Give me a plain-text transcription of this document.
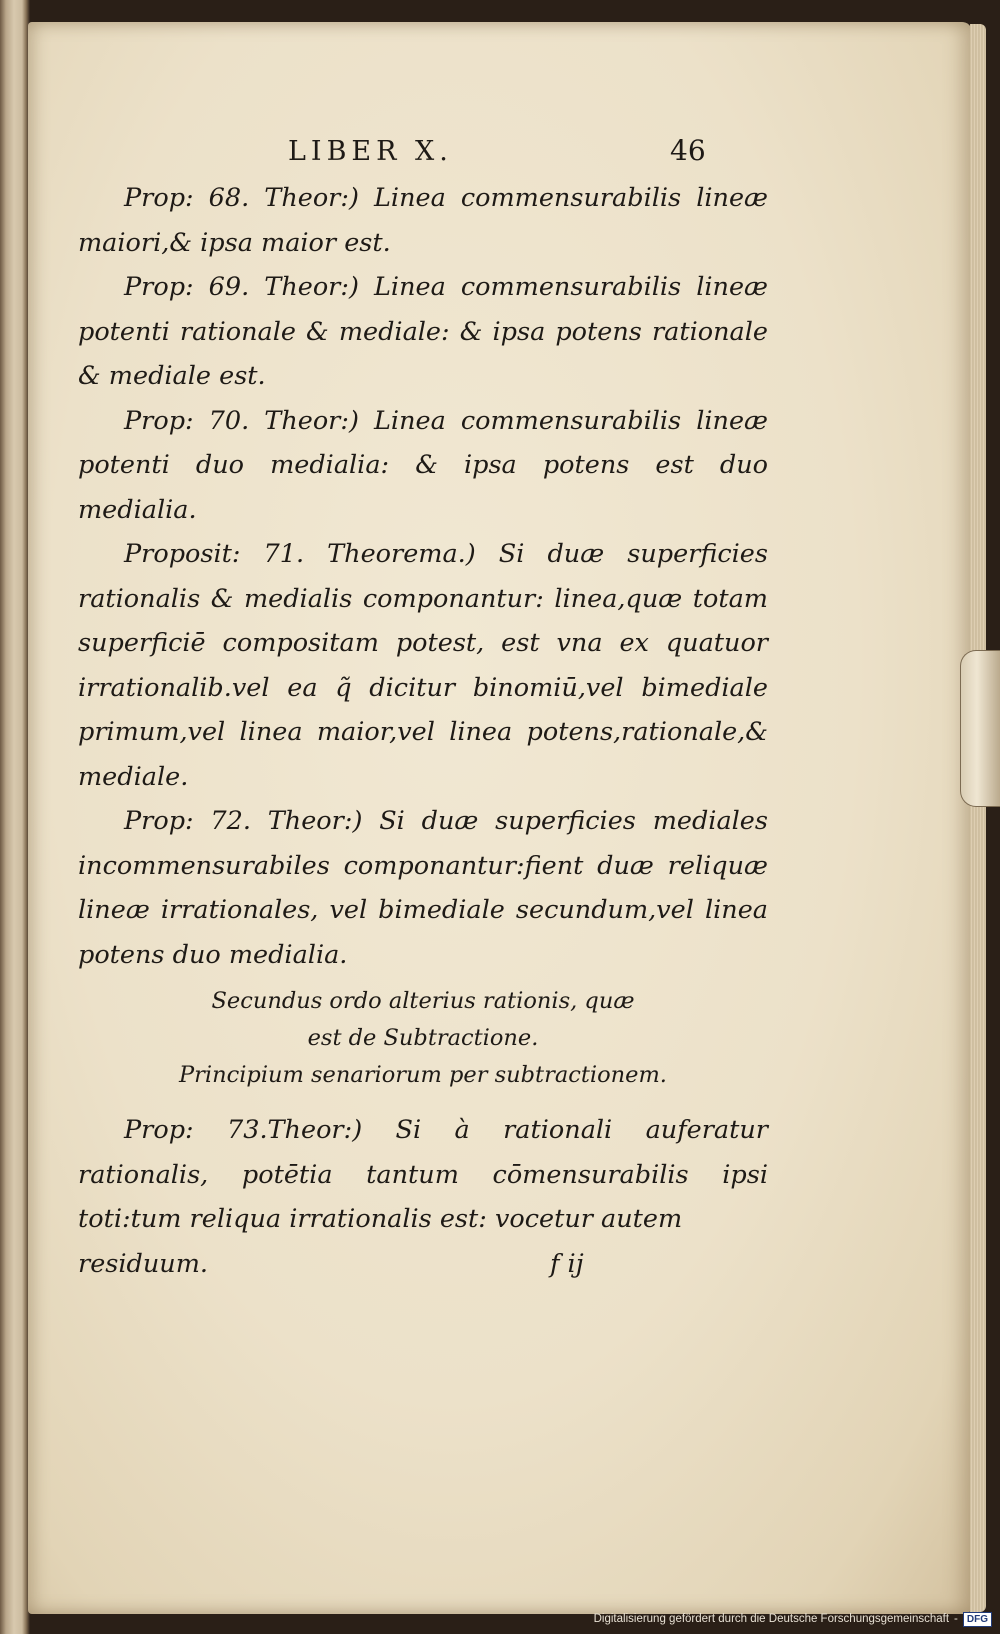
LIBER X.	46

Prop: 68. Theor:) Linea commensurabilis lineæ maiori,& ipsa maior est.

Prop: 69. Theor:) Linea commensurabilis lineæ potenti rationale & mediale: & ipsa potens rationale & mediale est.

Prop: 70. Theor:) Linea commensurabilis lineæ potenti duo medialia: & ipsa potens est duo medialia.

Proposit: 71. Theorema.) Si duæ superficies rationalis & medialis componantur: linea,quæ totam superficiē compositam potest, est vna ex quatuor irrationalib.vel ea q̃ dicitur binomiū,vel bimediale primum,vel linea maior,vel linea potens,rationale,& mediale.

Prop: 72. Theor:) Si duæ superficies mediales incommensurabiles componantur:fient duæ reliquæ lineæ irrationales, vel bimediale secundum,vel linea potens duo medialia.

Secundus ordo alterius rationis, quæ
est de Subtractione.
Principium senariorum per subtractionem.

Prop: 73.Theor:) Si à rationali auferatur rationalis, potētia tantum cōmensurabilis ipsi toti:tum reliqua irrationalis est: vocetur autem

residuum.	f ij
Digitalisierung gefördert durch die Deutsche Forschungsgemeinschaft - DFG
